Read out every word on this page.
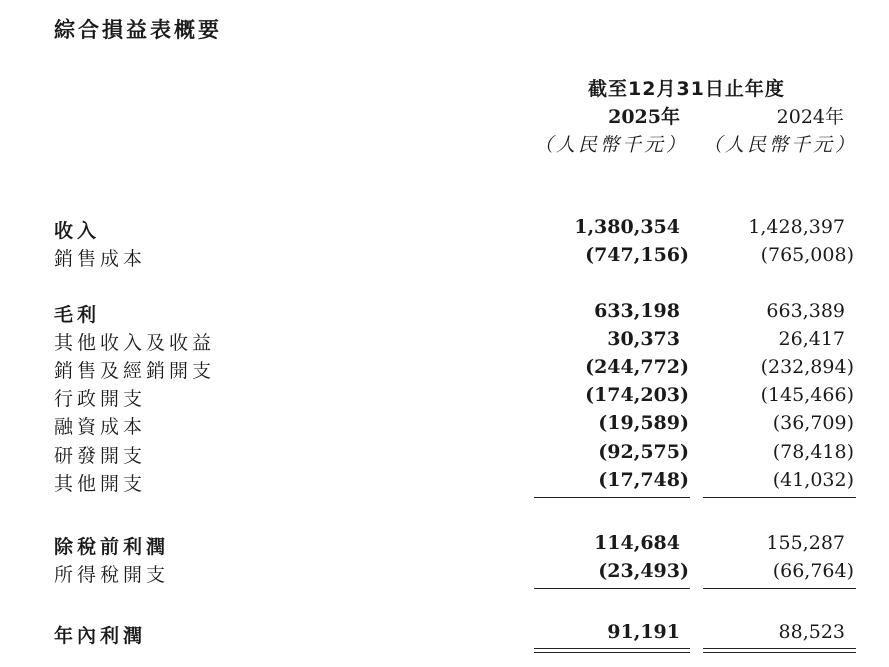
綜合損益表概要
截至12月31日止年度
2025年	2024年
（人民幣千元） （人民幣千元）
收入	1,380,354	1,428,397
銷售成本	(747,156)	(765,008)
毛利	633,198	663,389
其他收入及收益	30,373	26,417
銷售及經銷開支	(244,772)	(232,894)
行政開支	(174,203)	(145,466)
融資成本	(19,589)	(36,709)
研發開支	(92,575)	(78,418)
其他開支	(17,748)	(41,032)
除稅前利潤	114,684	155,287
所得稅開支	(23,493)	(66,764)
年內利潤	91,191	88,523
